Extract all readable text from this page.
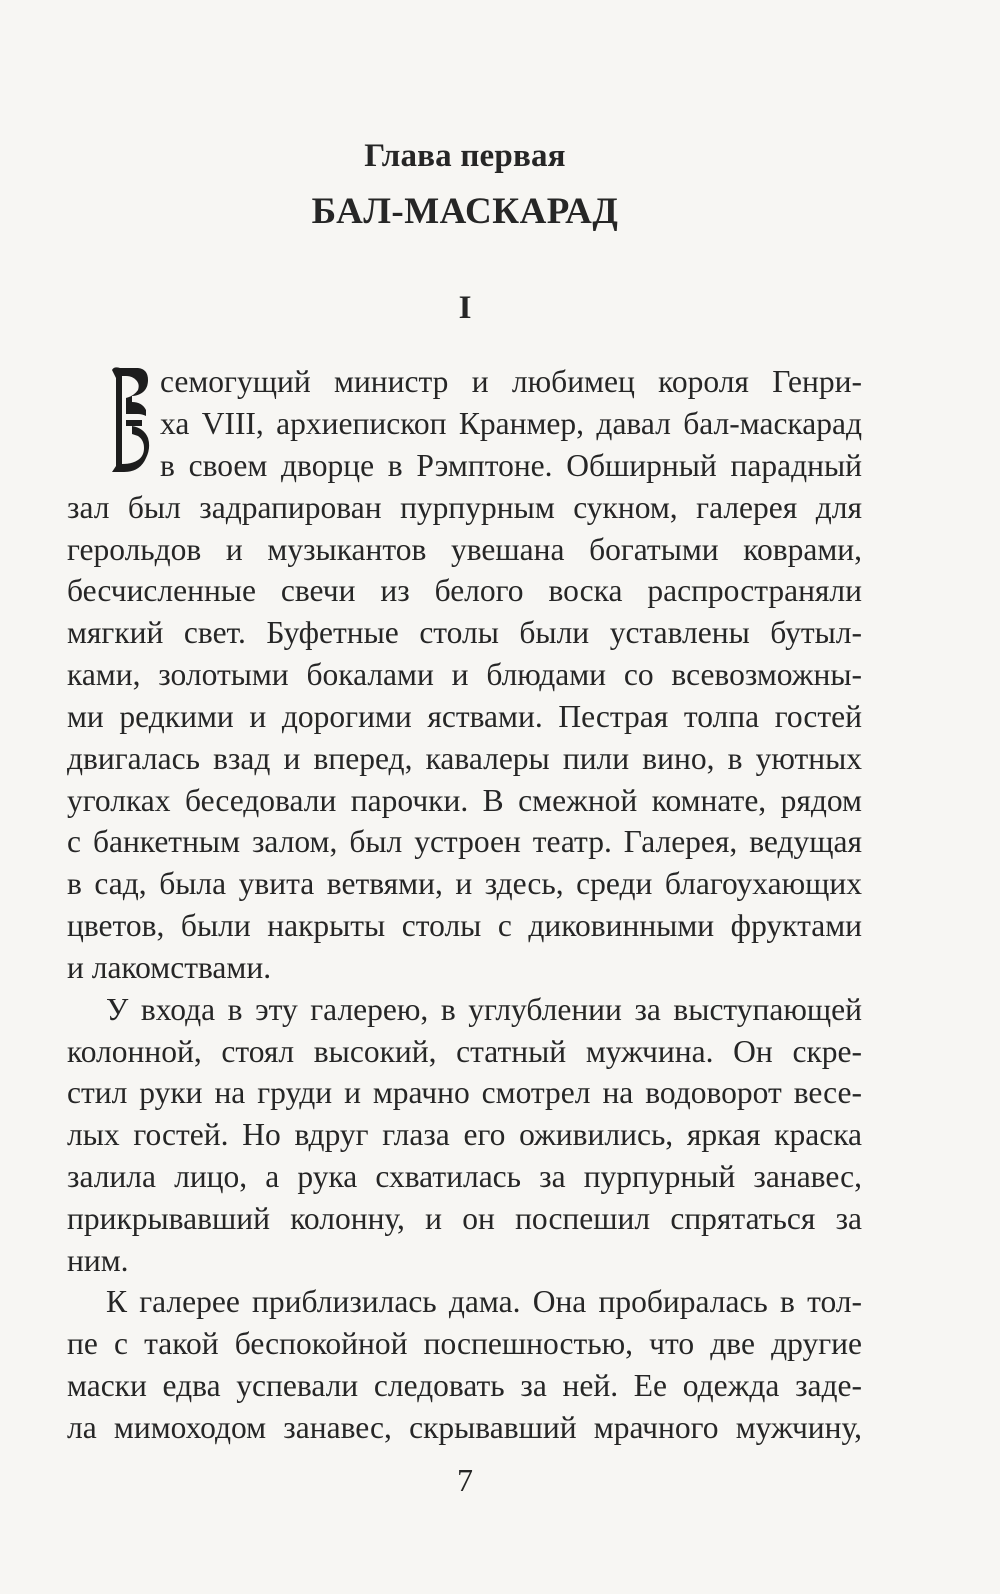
Глава первая
БАЛ-МАСКАРАД
I
семогущий министр и любимец короля Генри-
ха VIII, архиепископ Кранмер, давал бал-маскарад
в своем дворце в Рэмптоне. Обширный парадный
зал был задрапирован пурпурным сукном, галерея для
герольдов и музыкантов увешана богатыми коврами,
бесчисленные свечи из белого воска распространяли
мягкий свет. Буфетные столы были уставлены бутыл-
ками, золотыми бокалами и блюдами со всевозможны-
ми редкими и дорогими яствами. Пестрая толпа гостей
двигалась взад и вперед, кавалеры пили вино, в уютных
уголках беседовали парочки. В смежной комнате, рядом
с банкетным залом, был устроен театр. Галерея, ведущая
в сад, была увита ветвями, и здесь, среди благоухающих
цветов, были накрыты столы с диковинными фруктами
и лакомствами.
У входа в эту галерею, в углублении за выступающей
колонной, стоял высокий, статный мужчина. Он скре-
стил руки на груди и мрачно смотрел на водоворот весе-
лых гостей. Но вдруг глаза его оживились, яркая краска
залила лицо, а рука схватилась за пурпурный занавес,
прикрывавший колонну, и он поспешил спрятаться за
ним.
К галерее приблизилась дама. Она пробиралась в тол-
пе с такой беспокойной поспешностью, что две другие
маски едва успевали следовать за ней. Ее одежда заде-
ла мимоходом занавес, скрывавший мрачного мужчину,
7
